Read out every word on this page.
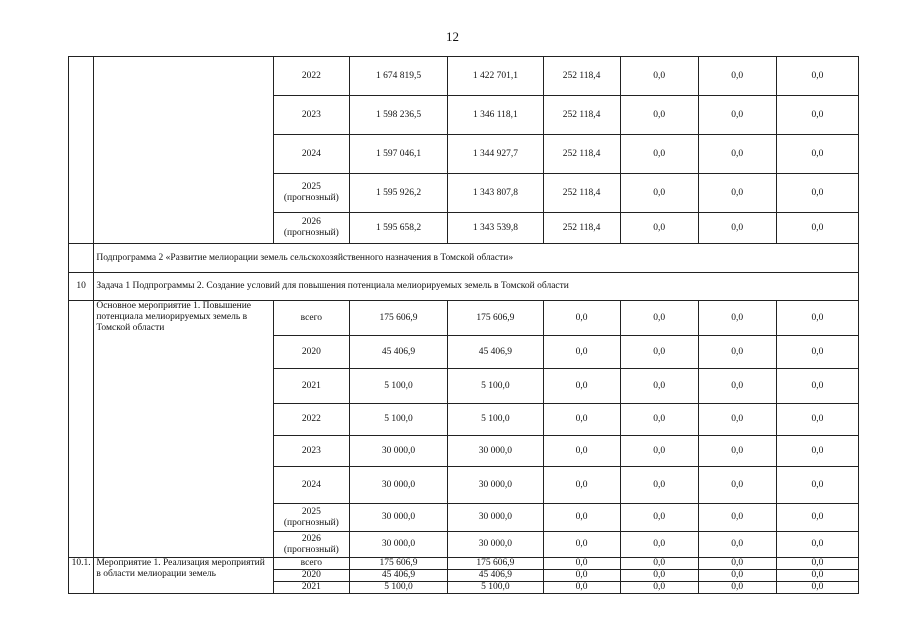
12
		2022	1 674 819,5	1 422 701,1	252 118,4	0,0	0,0	0,0
		2023	1 598 236,5	1 346 118,1	252 118,4	0,0	0,0	0,0
		2024	1 597 046,1	1 344 927,7	252 118,4	0,0	0,0	0,0
		2025 (прогнозный)	1 595 926,2	1 343 807,8	252 118,4	0,0	0,0	0,0
		2026 (прогнозный)	1 595 658,2	1 343 539,8	252 118,4	0,0	0,0	0,0
	Подпрограмма 2 «Развитие мелиорации земель сельскохозяйственного назначения в Томской области»							
10	Задача 1 Подпрограммы 2. Создание условий для повышения потенциала мелиорируемых земель в Томской области							
	Основное мероприятие 1. Повышение потенциала мелиорируемых земель в Томской области	всего	175 606,9	175 606,9	0,0	0,0	0,0	0,0
		2020	45 406,9	45 406,9	0,0	0,0	0,0	0,0
		2021	5 100,0	5 100,0	0,0	0,0	0,0	0,0
		2022	5 100,0	5 100,0	0,0	0,0	0,0	0,0
		2023	30 000,0	30 000,0	0,0	0,0	0,0	0,0
		2024	30 000,0	30 000,0	0,0	0,0	0,0	0,0
		2025 (прогнозный)	30 000,0	30 000,0	0,0	0,0	0,0	0,0
		2026 (прогнозный)	30 000,0	30 000,0	0,0	0,0	0,0	0,0
10.1.	Мероприятие 1. Реализация мероприятий в области мелиорации земель	всего	175 606,9	175 606,9	0,0	0,0	0,0	0,0
		2020	45 406,9	45 406,9	0,0	0,0	0,0	0,0
		2021	5 100,0	5 100,0	0,0	0,0	0,0	0,0
